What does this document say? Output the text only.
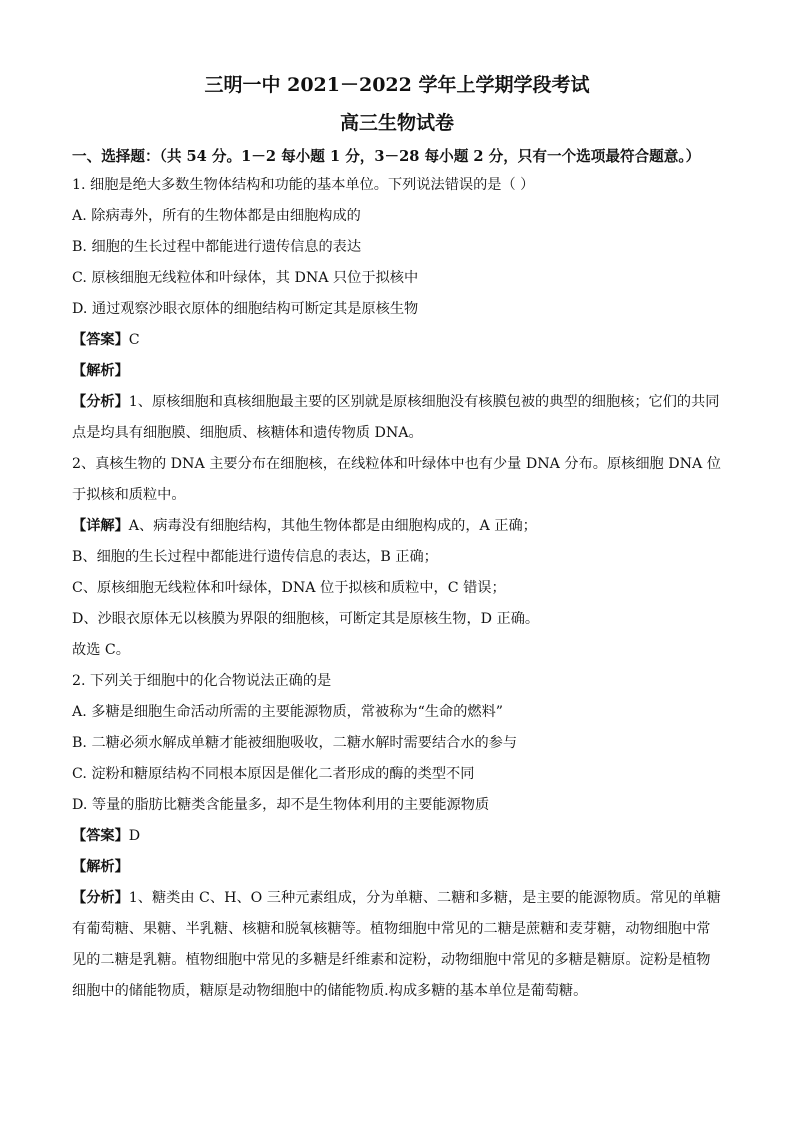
三明一中 2021－2022 学年上学期学段考试

高三生物试卷

一、选择题：（共 54 分。1－2 每小题 1 分，3－28 每小题 2 分，只有一个选项最符合题意。）

1. 细胞是绝大多数生物体结构和功能的基本单位。下列说法错误的是（ ）

A. 除病毒外，所有的生物体都是由细胞构成的

B. 细胞的生长过程中都能进行遗传信息的表达

C. 原核细胞无线粒体和叶绿体，其 DNA 只位于拟核中

D. 通过观察沙眼衣原体的细胞结构可断定其是原核生物

【答案】C

【解析】

【分析】1、原核细胞和真核细胞最主要的区别就是原核细胞没有核膜包被的典型的细胞核；它们的共同点是均具有细胞膜、细胞质、核糖体和遗传物质 DNA。

2、真核生物的 DNA 主要分布在细胞核，在线粒体和叶绿体中也有少量 DNA 分布。原核细胞 DNA 位于拟核和质粒中。

【详解】A、病毒没有细胞结构，其他生物体都是由细胞构成的，A 正确；

B、细胞的生长过程中都能进行遗传信息的表达，B 正确；

C、原核细胞无线粒体和叶绿体，DNA 位于拟核和质粒中，C 错误；

D、沙眼衣原体无以核膜为界限的细胞核，可断定其是原核生物，D 正确。

故选 C。

2. 下列关于细胞中的化合物说法正确的是

A. 多糖是细胞生命活动所需的主要能源物质，常被称为“生命的燃料”

B. 二糖必须水解成单糖才能被细胞吸收，二糖水解时需要结合水的参与

C. 淀粉和糖原结构不同根本原因是催化二者形成的酶的类型不同

D. 等量的脂肪比糖类含能量多，却不是生物体利用的主要能源物质

【答案】D

【解析】

【分析】1、糖类由 C、H、O 三种元素组成，分为单糖、二糖和多糖，是主要的能源物质。常见的单糖有葡萄糖、果糖、半乳糖、核糖和脱氧核糖等。植物细胞中常见的二糖是蔗糖和麦芽糖，动物细胞中常见的二糖是乳糖。植物细胞中常见的多糖是纤维素和淀粉，动物细胞中常见的多糖是糖原。淀粉是植物细胞中的储能物质，糖原是动物细胞中的储能物质.构成多糖的基本单位是葡萄糖。
